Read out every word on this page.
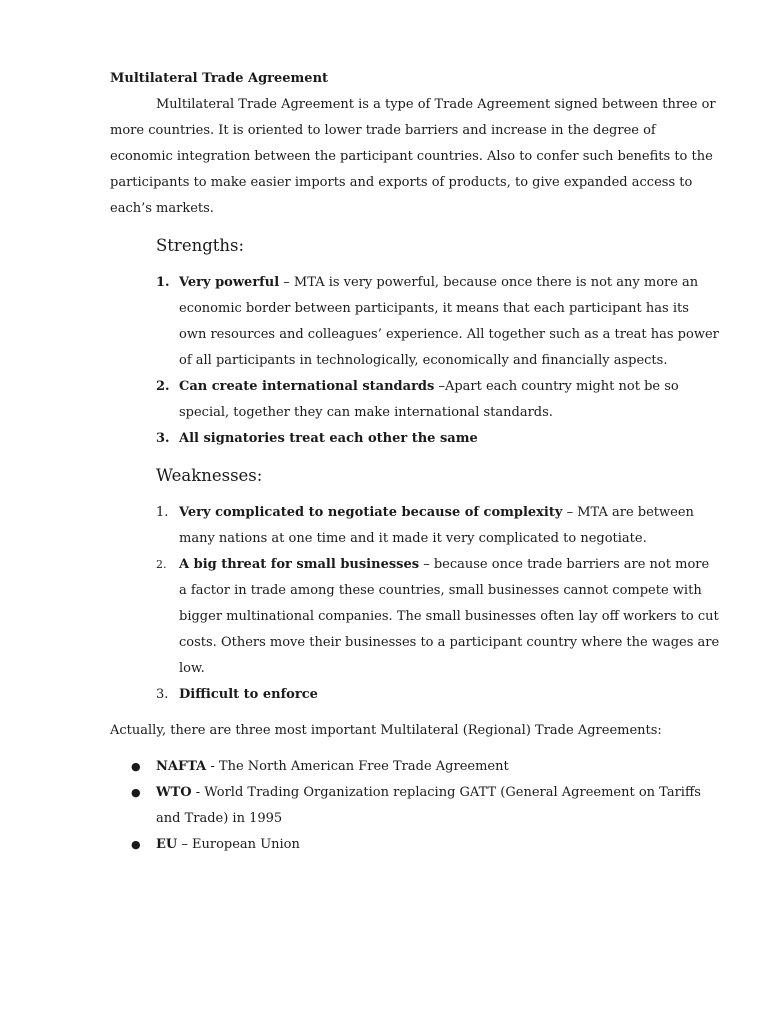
Multilateral Trade Agreement

Multilateral Trade Agreement is a type of Trade Agreement signed between three or more countries. It is oriented to lower trade barriers and increase in the degree of economic integration between the participant countries. Also to confer such benefits to the participants to make easier imports and exports of products, to give expanded access to each’s markets.

Strengths:
1. Very powerful – MTA is very powerful, because once there is not any more an economic border between participants, it means that each participant has its own resources and colleagues’ experience. All together such as a treat has power of all participants in technologically, economically and financially aspects.
2. Can create international standards –Apart each country might not be so special, together they can make international standards.
3. All signatories treat each other the same
Weaknesses:
1. Very complicated to negotiate because of complexity – MTA are between many nations at one time and it made it very complicated to negotiate.
2. A big threat for small businesses – because once trade barriers are not more a factor in trade among these countries, small businesses cannot compete with bigger multinational companies. The small businesses often lay off workers to cut costs. Others move their businesses to a participant country where the wages are low.
3. Difficult to enforce

Actually, there are three most important Multilateral (Regional) Trade Agreements:

● NAFTA - The North American Free Trade Agreement
● WTO - World Trading Organization replacing GATT (General Agreement on Tariffs and Trade) in 1995
● EU – European Union
